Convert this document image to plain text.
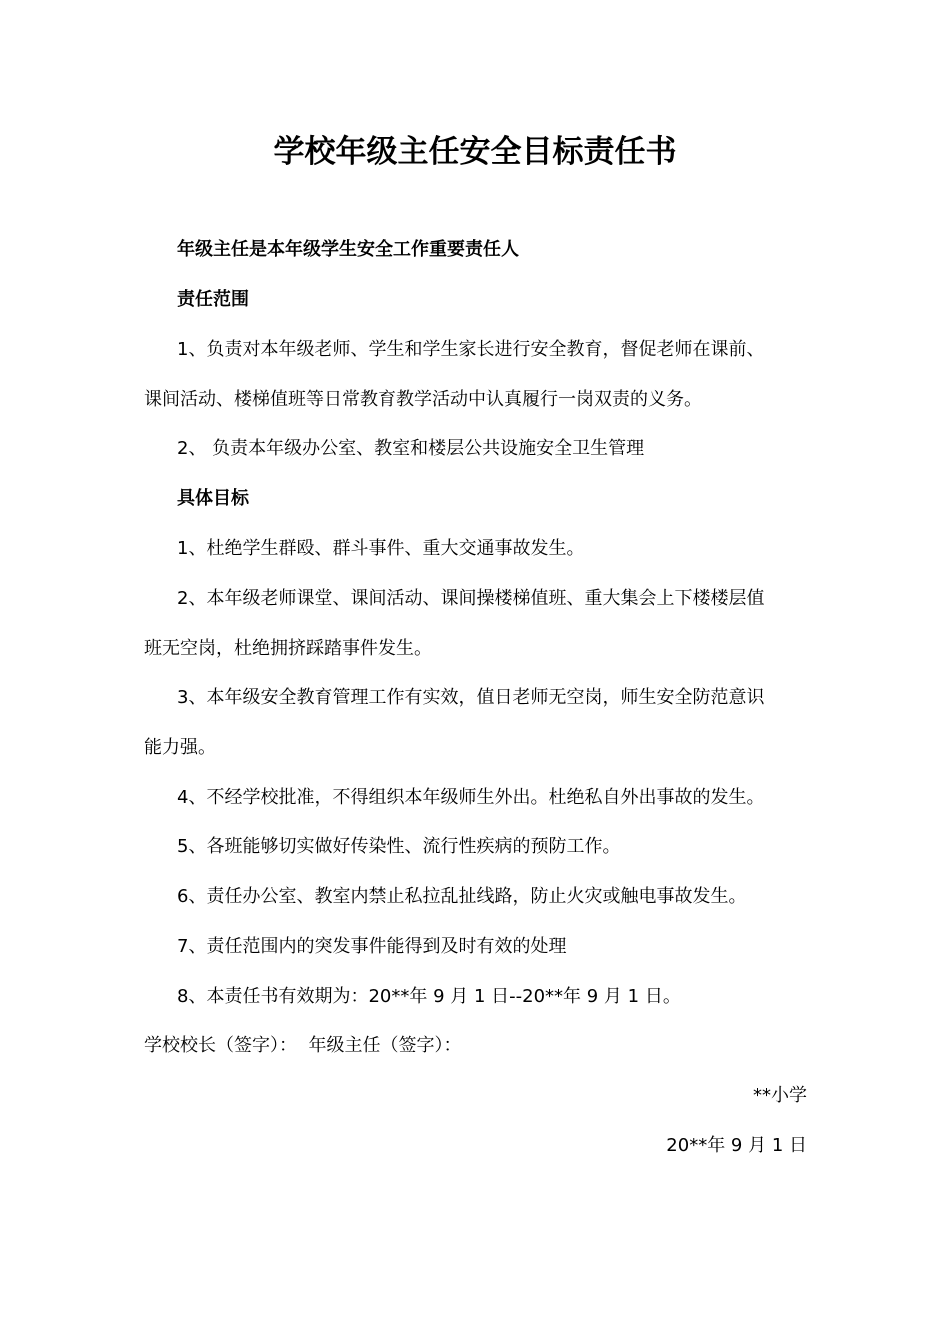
学校年级主任安全目标责任书
年级主任是本年级学生安全工作重要责任人
责任范围
1、负责对本年级老师、学生和学生家长进行安全教育，督促老师在课前、
课间活动、楼梯值班等日常教育教学活动中认真履行一岗双责的义务。
2、 负责本年级办公室、教室和楼层公共设施安全卫生管理
具体目标
1、杜绝学生群殴、群斗事件、重大交通事故发生。
2、本年级老师课堂、课间活动、课间操楼梯值班、重大集会上下楼楼层值
班无空岗，杜绝拥挤踩踏事件发生。
3、本年级安全教育管理工作有实效，值日老师无空岗，师生安全防范意识
能力强。
4、不经学校批准，不得组织本年级师生外出。杜绝私自外出事故的发生。
5、各班能够切实做好传染性、流行性疾病的预防工作。
6、责任办公室、教室内禁止私拉乱扯线路，防止火灾或触电事故发生。
7、责任范围内的突发事件能得到及时有效的处理
8、本责任书有效期为：20**年 9 月 1 日--20**年 9 月 1 日。
学校校长（签字）：  年级主任（签字）：
**小学
20**年 9 月 1 日
